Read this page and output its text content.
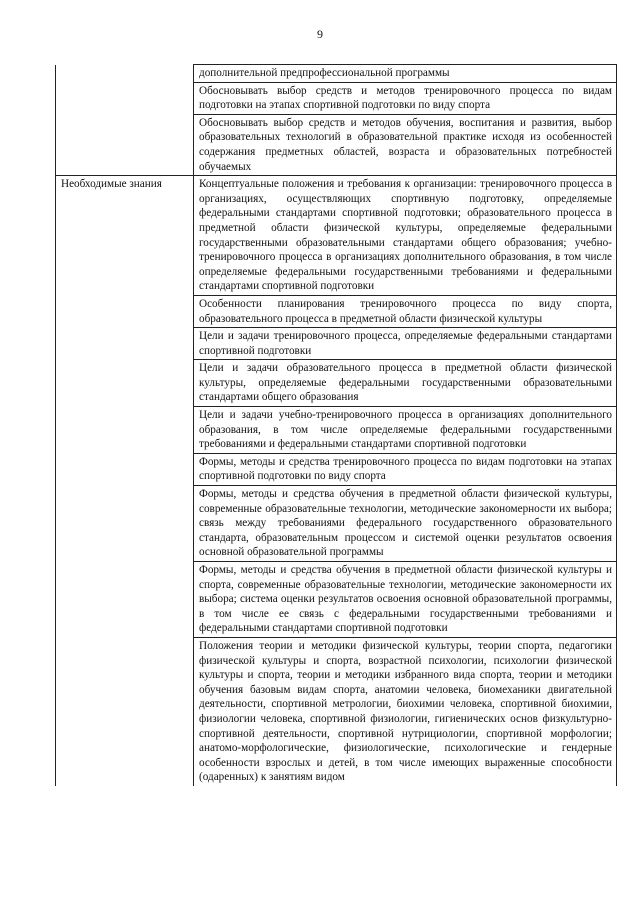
9
	дополнительной предпрофессиональной программы
	Обосновывать выбор средств и методов тренировочного процесса по видам подготовки на этапах спортивной подготовки по виду спорта
	Обосновывать выбор средств и методов обучения, воспитания и развития, выбор образовательных технологий в образовательной практике исходя из особенностей содержания предметных областей, возраста и образовательных потребностей обучаемых
Необходимые знания	Концептуальные положения и требования к организации: тренировочного процесса в организациях, осуществляющих спортивную подготовку, определяемые федеральными стандартами спортивной подготовки; образовательного процесса в предметной области физической культуры, определяемые федеральными государственными образовательными стандартами общего образования; учебно-тренировочного процесса в организациях дополнительного образования, в том числе определяемые федеральными государственными требованиями и федеральными стандартами спортивной подготовки
	Особенности планирования тренировочного процесса по виду спорта, образовательного процесса в предметной области физической культуры
	Цели и задачи тренировочного процесса, определяемые федеральными стандартами спортивной подготовки
	Цели и задачи образовательного процесса в предметной области физической культуры, определяемые федеральными государственными образовательными стандартами общего образования
	Цели и задачи учебно-тренировочного процесса в организациях дополнительного образования, в том числе определяемые федеральными государственными требованиями и федеральными стандартами спортивной подготовки
	Формы, методы и средства тренировочного процесса по видам подготовки на этапах спортивной подготовки по виду спорта
	Формы, методы и средства обучения в предметной области физической культуры, современные образовательные технологии, методические закономерности их выбора; связь между требованиями федерального государственного образовательного стандарта, образовательным процессом и системой оценки результатов освоения основной образовательной программы
	Формы, методы и средства обучения в предметной области физической культуры и спорта, современные образовательные технологии, методические закономерности их выбора; система оценки результатов освоения основной образовательной программы, в том числе ее связь с федеральными государственными требованиями и федеральными стандартами спортивной подготовки
	Положения теории и методики физической культуры, теории спорта, педагогики физической культуры и спорта, возрастной психологии, психологии физической культуры и спорта, теории и методики избранного вида спорта, теории и методики обучения базовым видам спорта, анатомии человека, биомеханики двигательной деятельности, спортивной метрологии, биохимии человека, спортивной биохимии, физиологии человека, спортивной физиологии, гигиенических основ физкультурно-спортивной деятельности, спортивной нутрициологии, спортивной морфологии; анатомо-морфологические, физиологические, психологические и гендерные особенности взрослых и детей, в том числе имеющих выраженные способности (одаренных) к занятиям видом
